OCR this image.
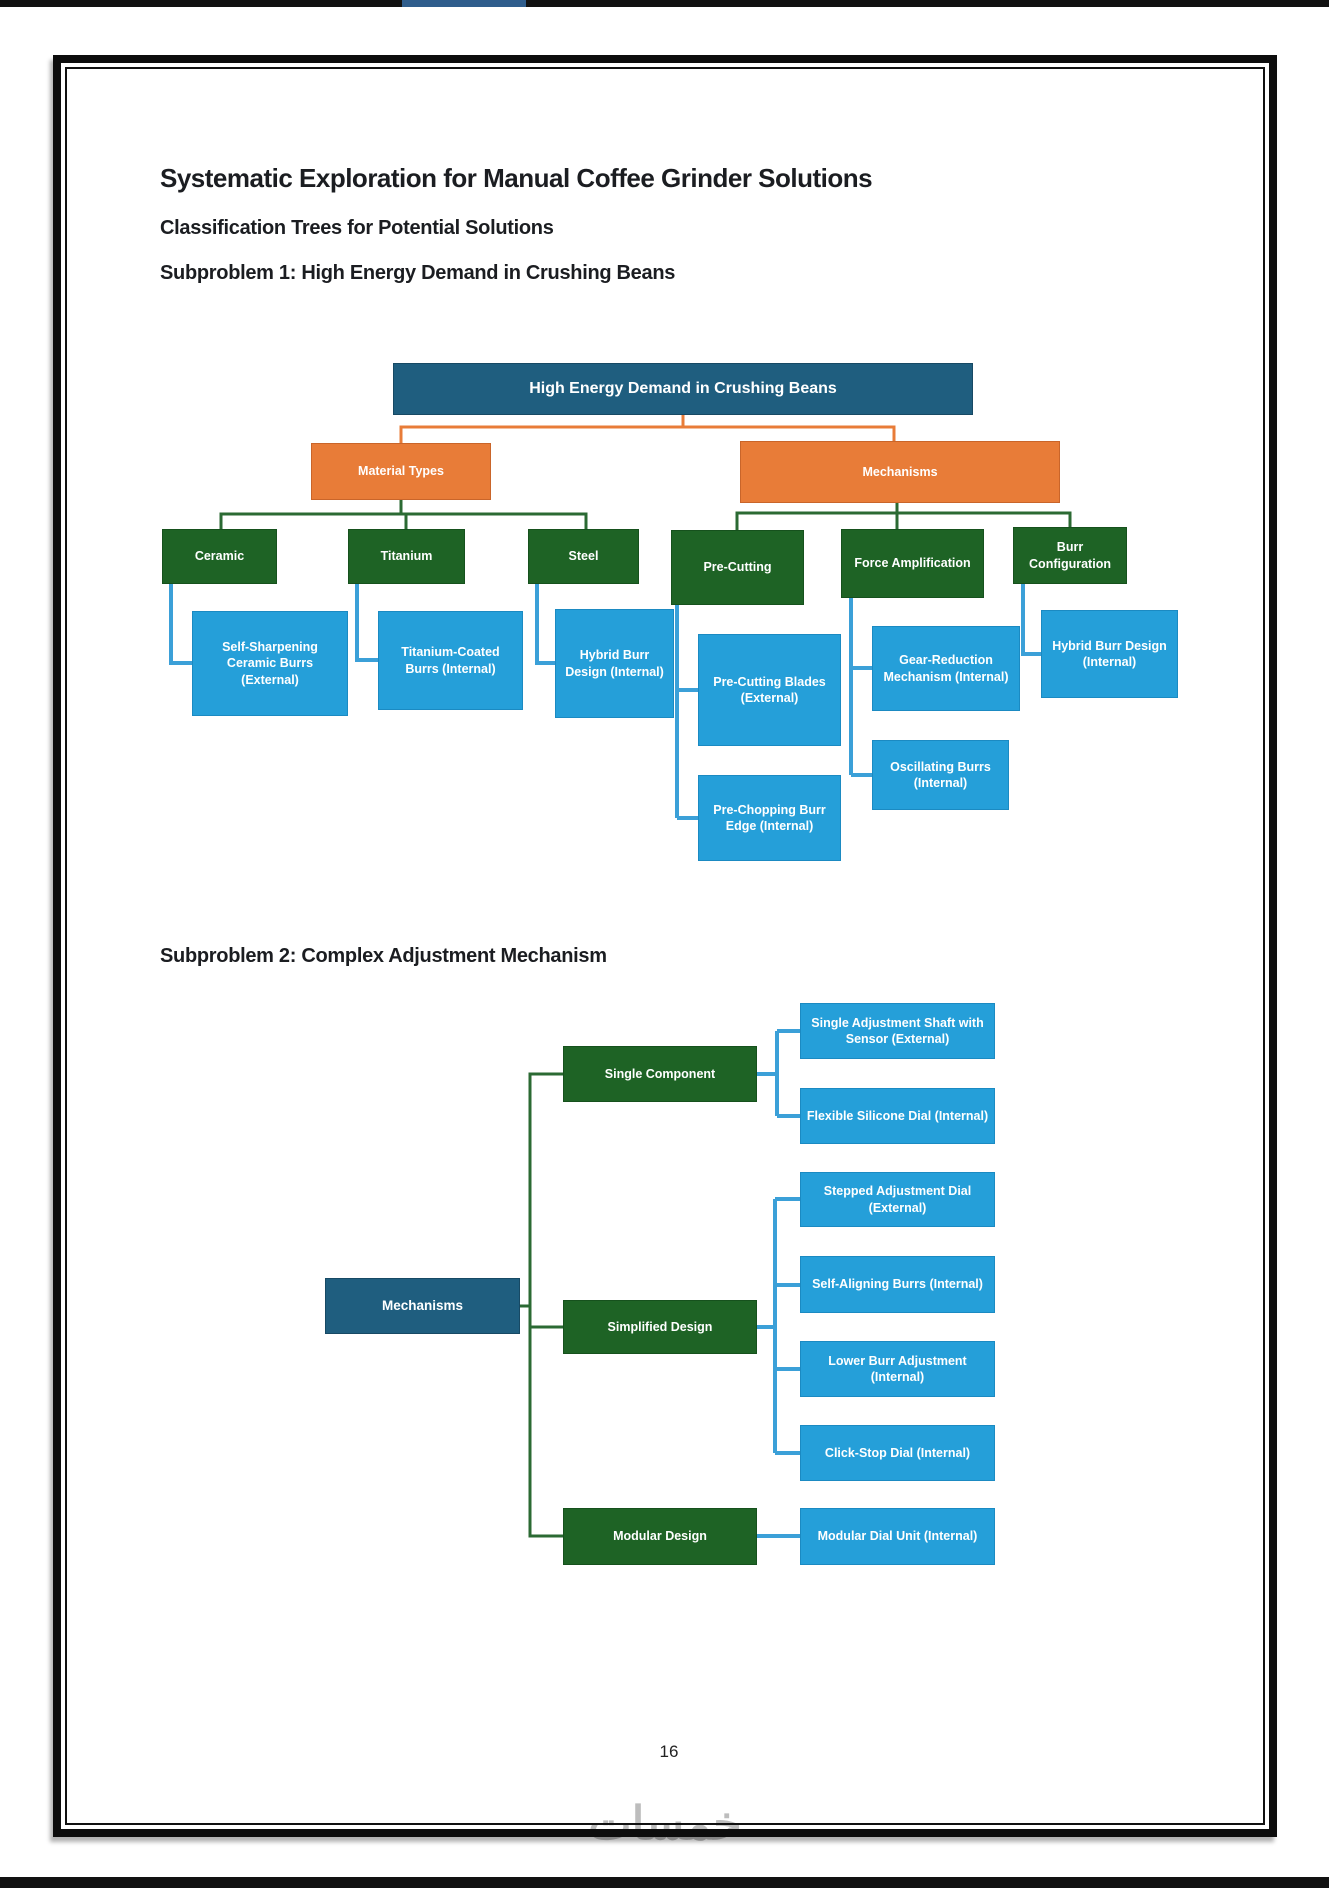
Systematic Exploration for Manual Coffee Grinder Solutions
Classification Trees for Potential Solutions
Subproblem 1: High Energy Demand in Crushing Beans
Subproblem 2: Complex Adjustment Mechanism
High Energy Demand in Crushing Beans
Material Types	Mechanisms
Ceramic	Titanium	Steel
Pre-Cutting	Force Amplification
Burr Configuration
Self-Sharpening Ceramic Burrs (External)
Titanium-Coated Burrs (Internal)
Hybrid Burr Design (Internal)
Pre-Cutting Blades (External)
Pre-Chopping Burr Edge (Internal)
Gear-Reduction Mechanism (Internal)
Oscillating Burrs (Internal)
Hybrid Burr Design (Internal)
Mechanisms
Single Component
Simplified Design
Modular Design
Single Adjustment Shaft with Sensor (External)
Flexible Silicone Dial (Internal)
Stepped Adjustment Dial (External)
Self-Aligning Burrs (Internal)
Lower Burr Adjustment (Internal)
Click-Stop Dial (Internal)
Modular Dial Unit (Internal)
16
خمسات
